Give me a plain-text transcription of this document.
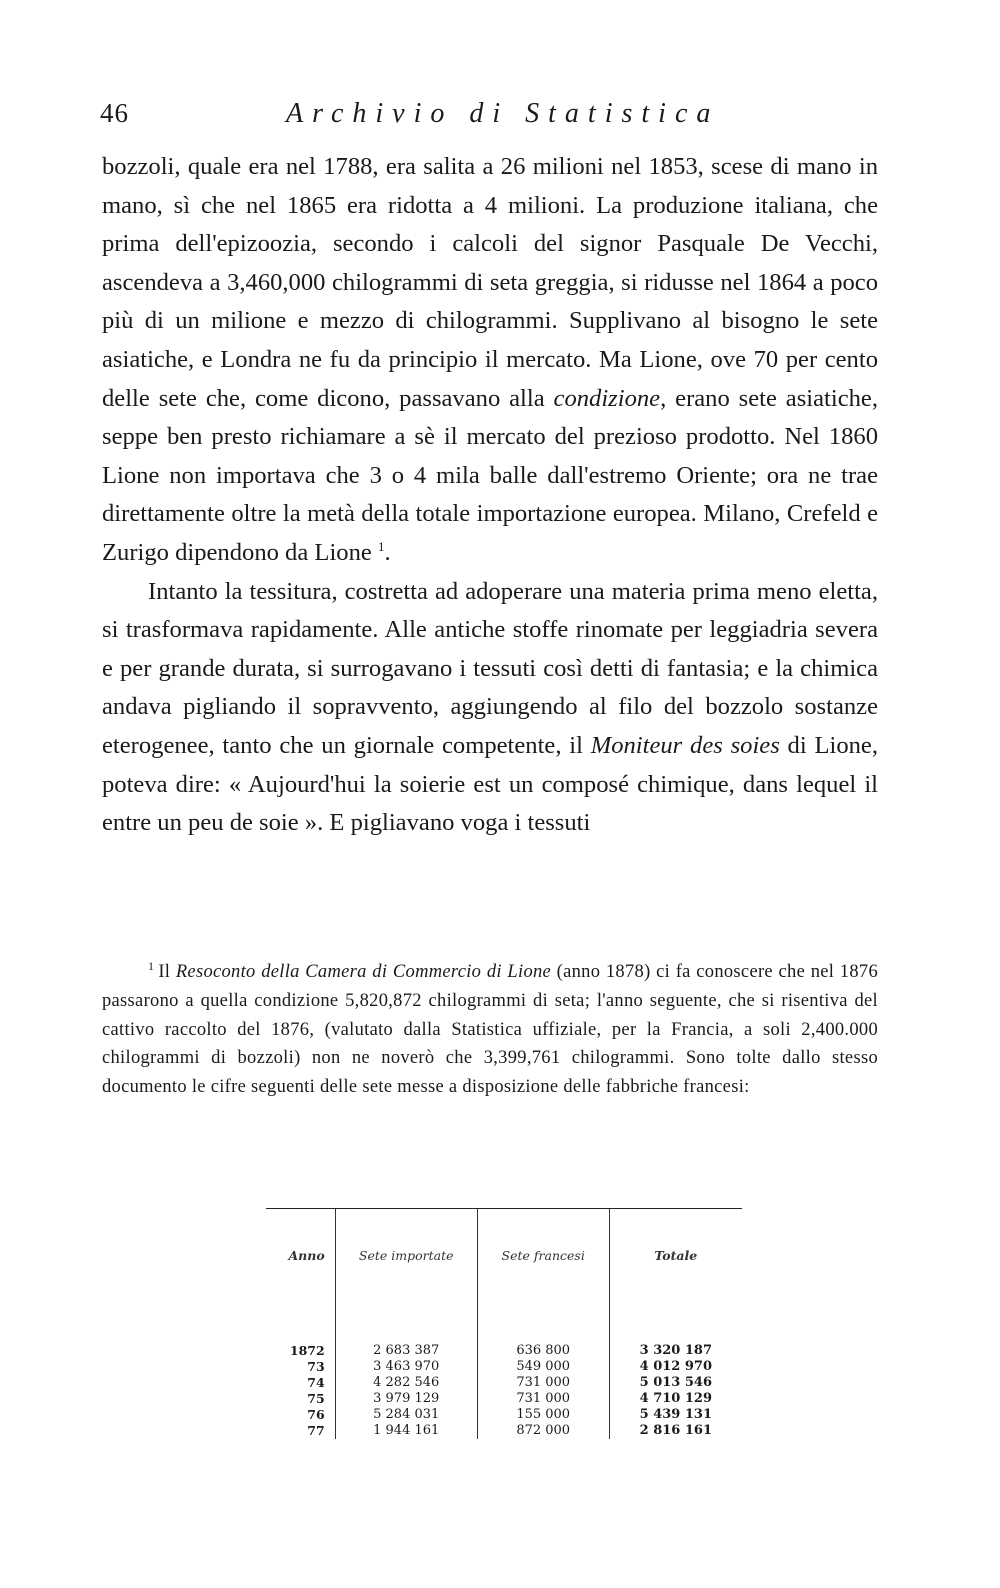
46	Archivio di Statistica

bozzoli, quale era nel 1788, era salita a 26 milioni nel 1853, scese di mano in mano, sì che nel 1865 era ridotta a 4 milioni. La produzione italiana, che prima dell'epizoozia, secondo i calcoli del signor Pasquale De Vecchi, ascendeva a 3,460,000 chilogrammi di seta greggia, si ridusse nel 1864 a poco più di un milione e mezzo di chilogrammi. Supplivano al bisogno le sete asiatiche, e Londra ne fu da principio il mercato. Ma Lione, ove 70 per cento delle sete che, come dicono, passavano alla condizione, erano sete asiatiche, seppe ben presto richiamare a sè il mercato del prezioso prodotto. Nel 1860 Lione non importava che 3 o 4 mila balle dall'estremo Oriente; ora ne trae direttamente oltre la metà della totale importazione europea. Milano, Crefeld e Zurigo dipendono da Lione $^1$.

Intanto la tessitura, costretta ad adoperare una materia prima meno eletta, si trasformava rapidamente. Alle antiche stoffe rinomate per leggiadria severa e per grande durata, si surrogavano i tessuti così detti di fantasia; e la chimica andava pigliando il sopravvento, aggiungendo al filo del bozzolo sostanze eterogenee, tanto che un giornale competente, il Moniteur des soies di Lione, poteva dire: « Aujourd'hui la soierie est un composé chimique, dans lequel il entre un peu de soie ». E pigliavano voga i tessuti

$^1$ Il Resoconto della Camera di Commercio di Lione (anno 1878) ci fa conoscere che nel 1876 passarono a quella condizione 5,820,872 chilogrammi di seta; l'anno seguente, che si risentiva del cattivo raccolto del 1876, (valutato dalla Statistica uffiziale, per la Francia, a soli 2,400.000 chilogrammi di bozzoli) non ne noverò che 3,399,761 chilogrammi. Sono tolte dallo stesso documento le cifre seguenti delle sete messe a disposizione delle fabbriche francesi:

Anno	Sete importate	Sete francesi	Totale

1872	2 683 387	636 800	3 320 187
73	3 463 970	549 000	4 012 970
74	4 282 546	731 000	5 013 546
75	3 979 129	731 000	4 710 129
76	5 284 031	155 000	5 439 131
77	1 944 161	872 000	2 816 161
